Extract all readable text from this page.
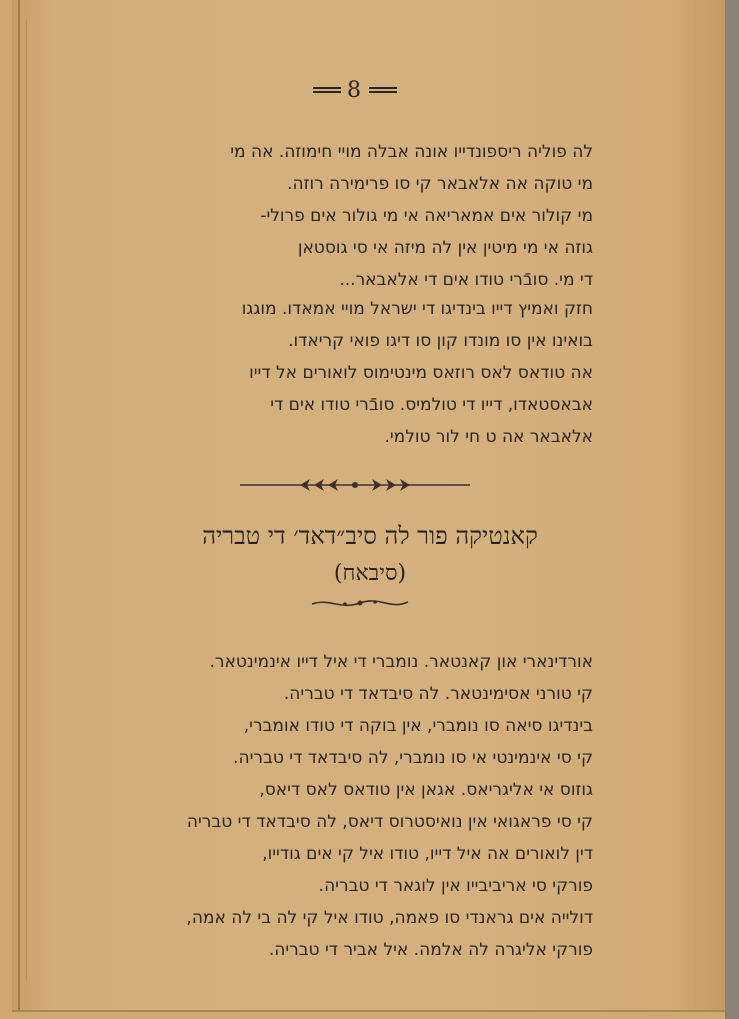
8
לה פוליה ריספונדייו אונה אבלה מויי חימוזה. אה מי
מי טוקה אה אלאבאר קי סו פרימירה רוזה.
מי קולור אים אמאריאה אי מי גולור אים פרולי-
גוזה אי מי מיטין אין לה מיזה אי סי גוסטאן
די מי. סובֿרי טודו אים די אלאבאר...
חזק ואמיץ דייו בינדיגו די ישראל מויי אמאדו. מוגגו
בואינו אין סו מונדו קון סו דיגו פואי קריאדו.
אה טודאס לאס רוזאס מינטימוס לואורים אל דייו
אבאסטאדו, דייו די טולמיס. סובֿרי טודו אים די
אלאבאר אה ט חי לור טולמי.
קאנטיקה פור לה סיב״דאד׳ די טבריה
(סיבאח)
אורדינארי און קאנטאר. נומברי די איל דייו אינמינטאר.
קי טורני אסימינטאר. לה סיבדאד די טבריה.
בינדיגו סיאה סו נומברי, אין בוקה די טודו אומברי,
קי סי אינמינטי אי סו נומברי, לה סיבדאד די טבריה.
גוזוס אי אליגריאס. אגאן אין טודאס לאס דיאס,
קי סי פראגואי אין נואיסטרוס דיאס, לה סיבדאד די טבריה
דין לואורים אה איל דייו, טודו איל קי אים גודייו,
פורקי סי אריביבייו אין לוגאר די טבריה.
דולייה אים גראנדי סו פאמה, טודו איל קי לה בי לה אמה,
פורקי אליגרה לה אלמה. איל אביר די טבריה.
